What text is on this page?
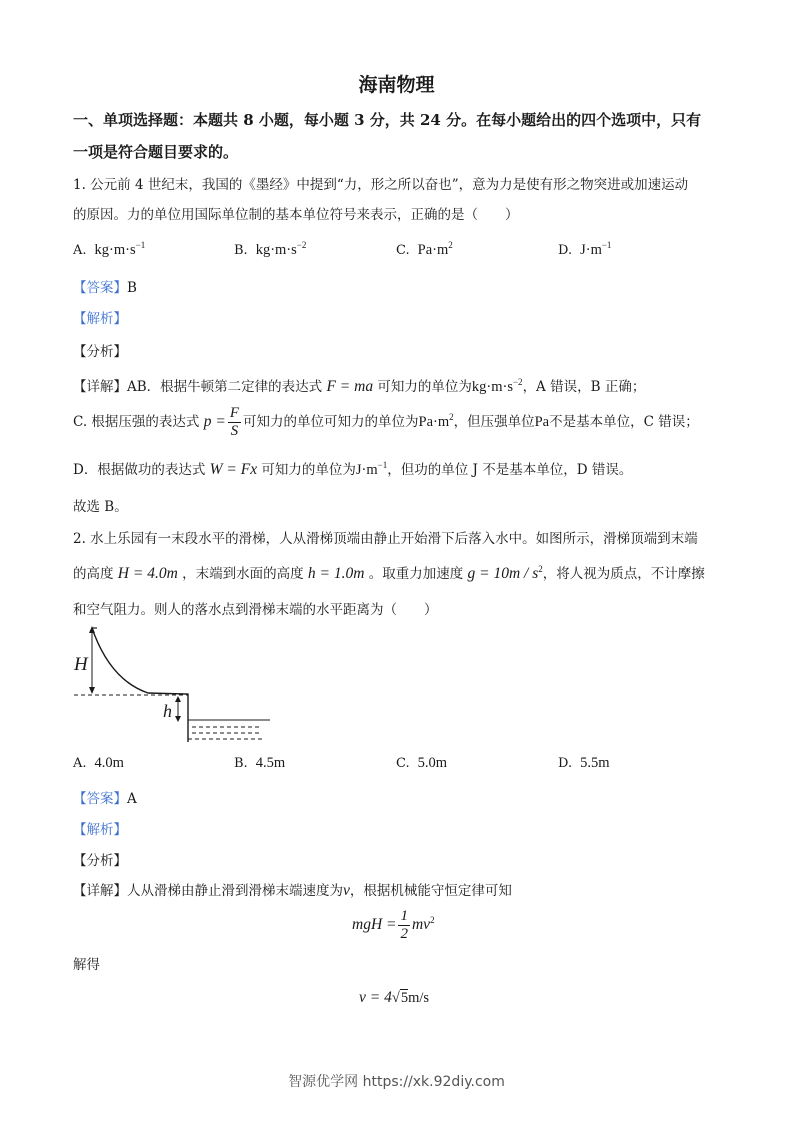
海南物理
一、单项选择题：本题共 8 小题，每小题 3 分，共 24 分。在每小题给出的四个选项中，只有
一项是符合题目要求的。
1. 公元前 4 世纪末，我国的《墨经》中提到“力，形之所以奋也”，意为力是使有形之物突进或加速运动
的原因。力的单位用国际单位制的基本单位符号来表示，正确的是（　　）
A. $kg\cdot m\cdot s^{-1}$	B. $kg\cdot m\cdot s^{-2}$	C. $Pa\cdot m^2$	D. $J\cdot m^{-1}$
【答案】B
【解析】
【分析】
【详解】AB．根据牛顿第二定律的表达式 F = ma 可知力的单位为$kg\cdot m\cdot s^{-2}$，A 错误，B 正确；
C. 根据压强的表达式 $p = \frac{F}{S}$ 可知力的单位可知力的单位为$Pa\cdot m^2$，但压强单位Pa不是基本单位，C 错误；
D．根据做功的表达式 W = Fx 可知力的单位为$J\cdot m^{-1}$，但功的单位 J 不是基本单位，D 错误。
故选 B。
2. 水上乐园有一末段水平的滑梯，人从滑梯顶端由静止开始滑下后落入水中。如图所示，滑梯顶端到末端
的高度 H = 4.0m ，末端到水面的高度 h = 1.0m 。取重力加速度 $g = 10m / s^2$，将人视为质点，不计摩擦
和空气阻力。则人的落水点到滑梯末端的水平距离为（　　）
H
h
A. 4.0m	B. 4.5m	C. 5.0m	D. 5.5m
【答案】A
【解析】
【分析】
【详解】人从滑梯由静止滑到滑梯末端速度为v，根据机械能守恒定律可知
mgH = $\frac{1}{2} mv^2$
解得
v = 4√5m/s
智源优学网 https://xk.92diy.com
